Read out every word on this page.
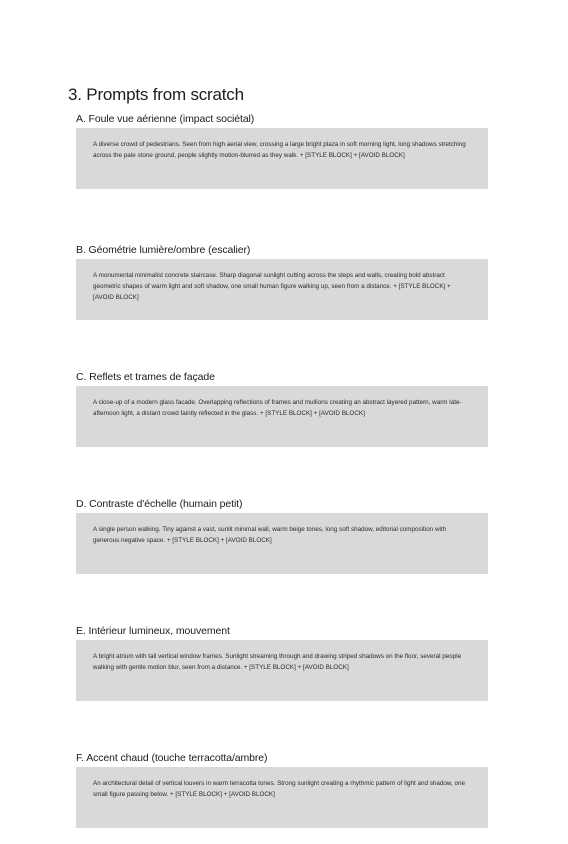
3. Prompts from scratch
A. Foule vue aérienne (impact sociétal)

A diverse crowd of pedestrians. Seen from high aerial view, crossing a large bright plaza in soft morning light, long shadows stretching across the pale stone ground, people slightly motion-blurred as they walk. + [STYLE BLOCK] + [AVOID BLOCK]

B. Géométrie lumière/ombre (escalier)

A monumental minimalist concrete staircase. Sharp diagonal sunlight cutting across the steps and walls, creating bold abstract geometric shapes of warm light and soft shadow, one small human figure walking up, seen from a distance. + [STYLE BLOCK] + [AVOID BLOCK]

C. Reflets et trames de façade

A close-up of a modern glass facade. Overlapping reflections of frames and mullions creating an abstract layered pattern, warm late-afternoon light, a distant crowd faintly reflected in the glass. + [STYLE BLOCK] + [AVOID BLOCK]

D. Contraste d'échelle (humain petit)

A single person walking. Tiny against a vast, sunlit minimal wall, warm beige tones, long soft shadow, editorial composition with generous negative space. + [STYLE BLOCK] + [AVOID BLOCK]

E. Intérieur lumineux, mouvement

A bright atrium with tall vertical window frames. Sunlight streaming through and drawing striped shadows on the floor, several people walking with gentle motion blur, seen from a distance. + [STYLE BLOCK] + [AVOID BLOCK]

F. Accent chaud (touche terracotta/ambre)

An architectural detail of vertical louvers in warm terracotta tones. Strong sunlight creating a rhythmic pattern of light and shadow, one small figure passing below. + [STYLE BLOCK] + [AVOID BLOCK]
